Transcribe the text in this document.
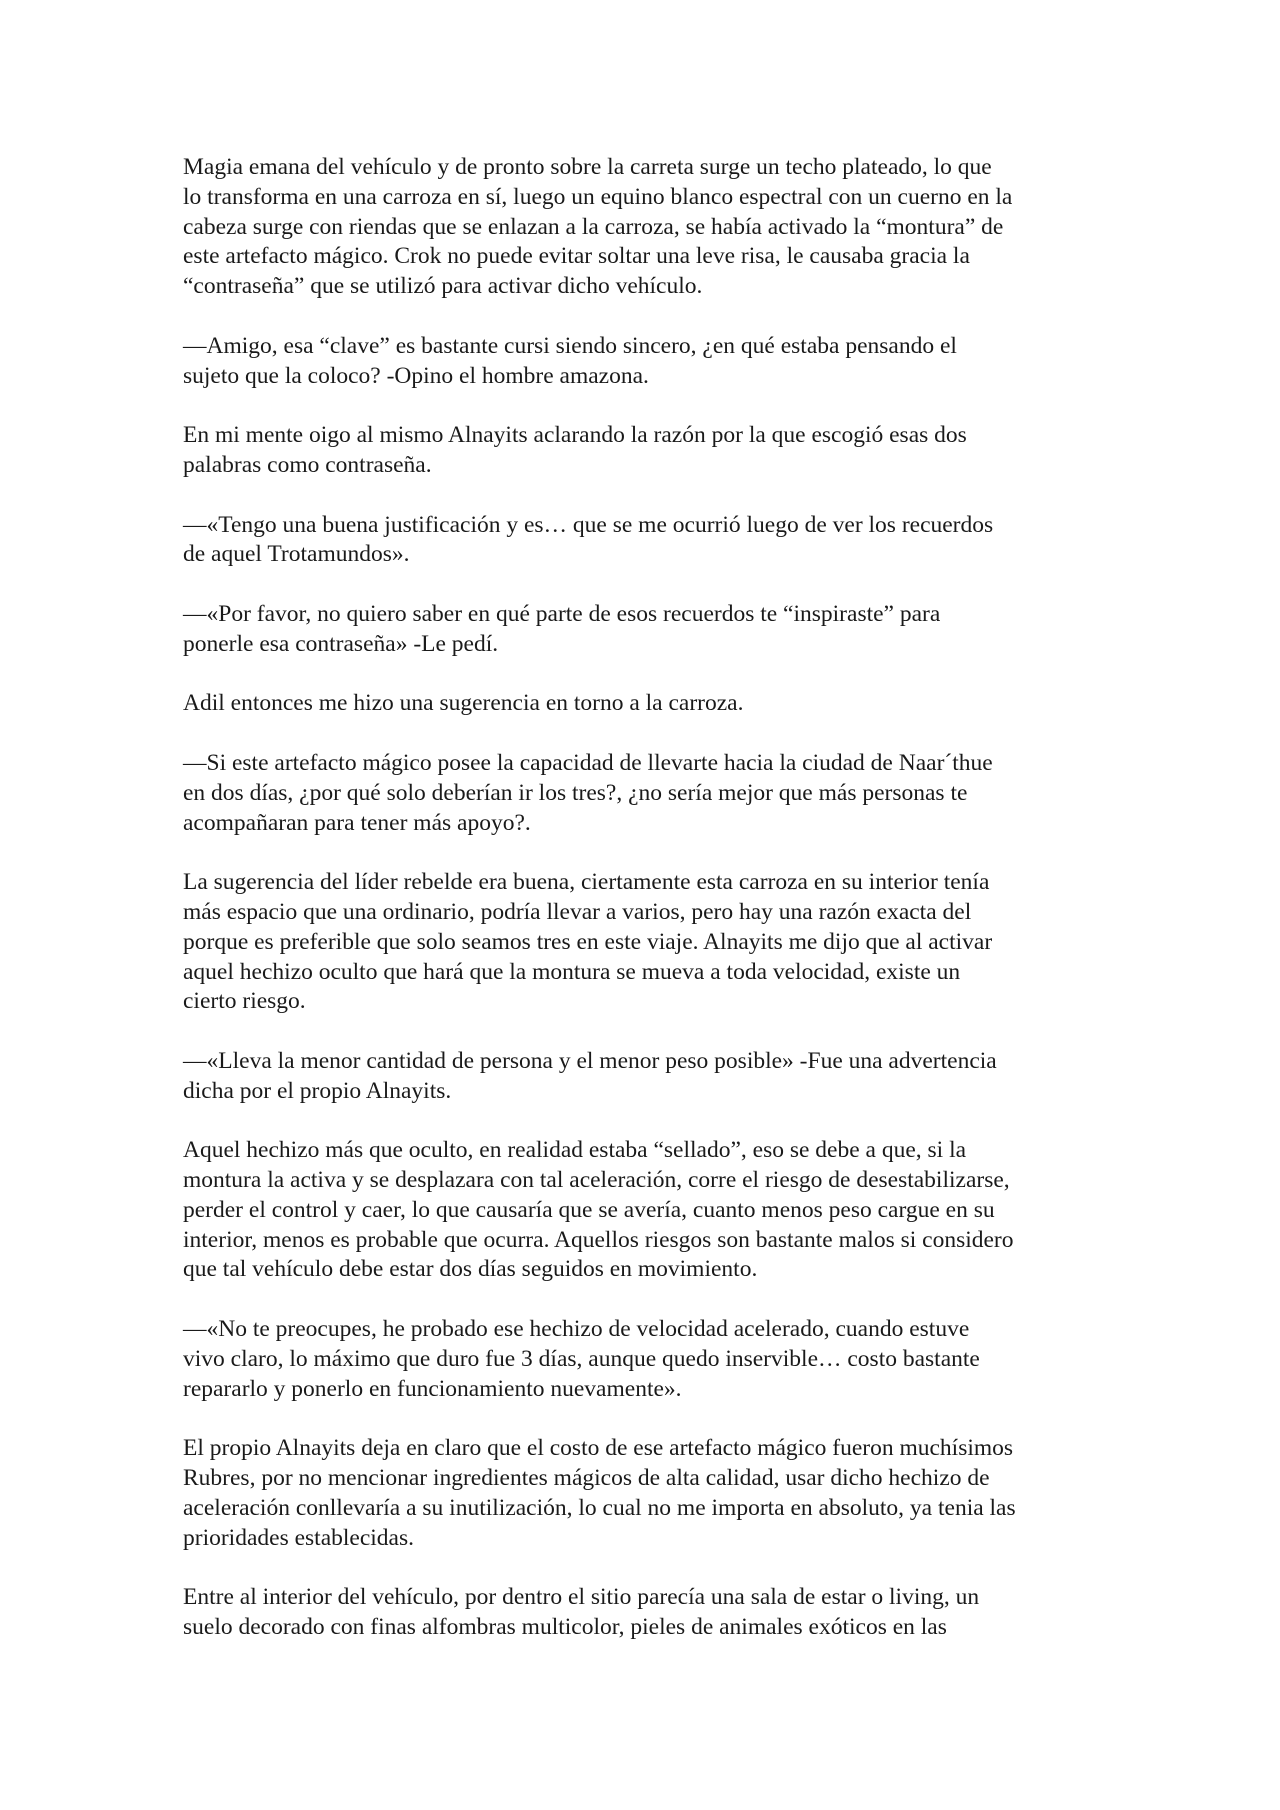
Magia emana del vehículo y de pronto sobre la carreta surge un techo plateado, lo que
lo transforma en una carroza en sí, luego un equino blanco espectral con un cuerno en la
cabeza surge con riendas que se enlazan a la carroza, se había activado la “montura” de
este artefacto mágico. Crok no puede evitar soltar una leve risa, le causaba gracia la
“contraseña” que se utilizó para activar dicho vehículo.

—Amigo, esa “clave” es bastante cursi siendo sincero, ¿en qué estaba pensando el
sujeto que la coloco? -Opino el hombre amazona.

En mi mente oigo al mismo Alnayits aclarando la razón por la que escogió esas dos
palabras como contraseña.

—«Tengo una buena justificación y es… que se me ocurrió luego de ver los recuerdos
de aquel Trotamundos».

—«Por favor, no quiero saber en qué parte de esos recuerdos te “inspiraste” para
ponerle esa contraseña» -Le pedí.

Adil entonces me hizo una sugerencia en torno a la carroza.

—Si este artefacto mágico posee la capacidad de llevarte hacia la ciudad de Naar´thue
en dos días, ¿por qué solo deberían ir los tres?, ¿no sería mejor que más personas te
acompañaran para tener más apoyo?.

La sugerencia del líder rebelde era buena, ciertamente esta carroza en su interior tenía
más espacio que una ordinario, podría llevar a varios, pero hay una razón exacta del
porque es preferible que solo seamos tres en este viaje. Alnayits me dijo que al activar
aquel hechizo oculto que hará que la montura se mueva a toda velocidad, existe un
cierto riesgo.

—«Lleva la menor cantidad de persona y el menor peso posible» -Fue una advertencia
dicha por el propio Alnayits.

Aquel hechizo más que oculto, en realidad estaba “sellado”, eso se debe a que, si la
montura la activa y se desplazara con tal aceleración, corre el riesgo de desestabilizarse,
perder el control y caer, lo que causaría que se avería, cuanto menos peso cargue en su
interior, menos es probable que ocurra. Aquellos riesgos son bastante malos si considero
que tal vehículo debe estar dos días seguidos en movimiento.

—«No te preocupes, he probado ese hechizo de velocidad acelerado, cuando estuve
vivo claro, lo máximo que duro fue 3 días, aunque quedo inservible… costo bastante
repararlo y ponerlo en funcionamiento nuevamente».

El propio Alnayits deja en claro que el costo de ese artefacto mágico fueron muchísimos
Rubres, por no mencionar ingredientes mágicos de alta calidad, usar dicho hechizo de
aceleración conllevaría a su inutilización, lo cual no me importa en absoluto, ya tenia las
prioridades establecidas.

Entre al interior del vehículo, por dentro el sitio parecía una sala de estar o living, un
suelo decorado con finas alfombras multicolor, pieles de animales exóticos en las
